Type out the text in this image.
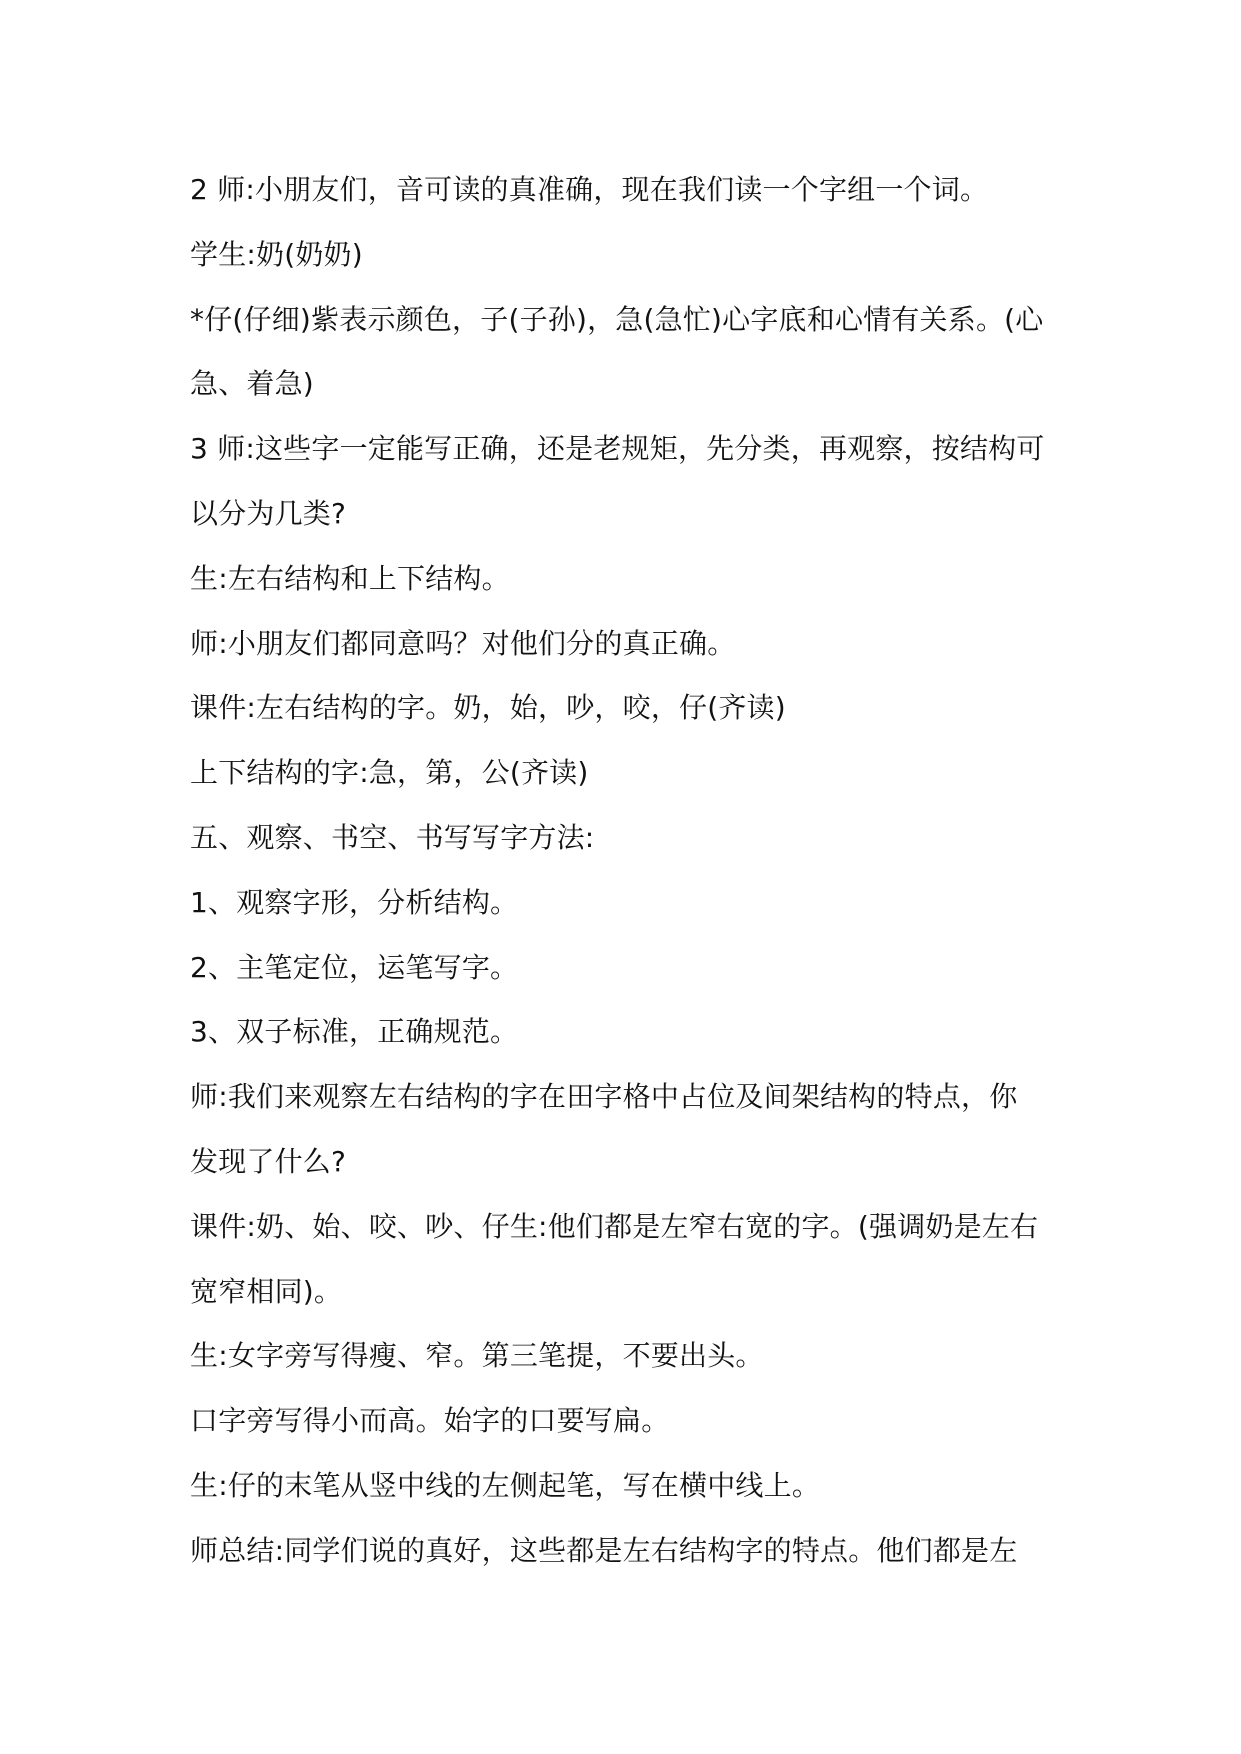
2 师:小朋友们，音可读的真准确，现在我们读一个字组一个词。
学生:奶(奶奶)
*仔(仔细)紫表示颜色，子(子孙)，急(急忙)心字底和心情有关系。(心
急、着急)
3 师:这些字一定能写正确，还是老规矩，先分类，再观察，按结构可
以分为几类?
生:左右结构和上下结构。
师:小朋友们都同意吗？对他们分的真正确。
课件:左右结构的字。奶，始，吵，咬，仔(齐读)
上下结构的字:急，第，公(齐读)
五、观察、书空、书写写字方法:
1、观察字形，分析结构。
2、主笔定位，运笔写字。
3、双子标准，正确规范。
师:我们来观察左右结构的字在田字格中占位及间架结构的特点，你
发现了什么?
课件:奶、始、咬、吵、仔生:他们都是左窄右宽的字。(强调奶是左右
宽窄相同)。
生:女字旁写得瘦、窄。第三笔提，不要出头。
口字旁写得小而高。始字的口要写扁。
生:仔的末笔从竖中线的左侧起笔，写在横中线上。
师总结:同学们说的真好，这些都是左右结构字的特点。他们都是左
